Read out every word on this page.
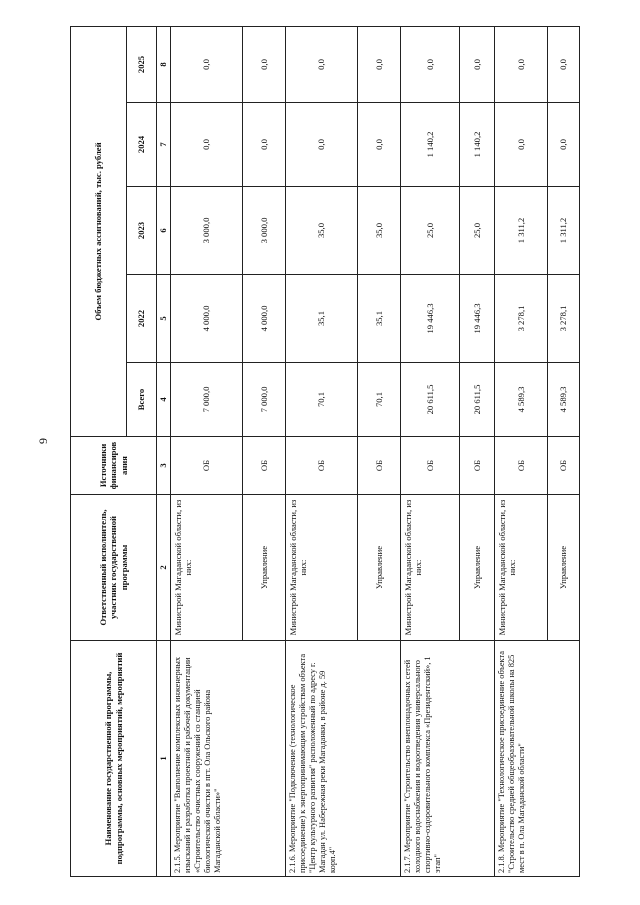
9
Наименование государственной программы, подпрограммы, основных мероприятий, мероприятий	Ответственный исполнитель, участник государственной программы	Источники финансирования	Объем бюджетных ассигнований, тыс. рублей				
			Всего	2022	2023	2024	2025
1	2	3	4	5	6	7	8
2.1.5. Мероприятие "Выполнение комплексных инженерных изысканий и разработка проектной и рабочей документации «Строительство очистных сооружений со станцией биологической очистки в пгт. Ола Ольского района Магаданской области»"	Министрой Магаданской области, из них:	ОБ	7 000,0	4 000,0	3 000,0	0,0	0,0
	Управление	ОБ	7 000,0	4 000,0	3 000,0	0,0	0,0
2.1.6. Мероприятие "Подключение (технологическое присоединение) к энергопринимающим устройствам объекта "Центр культурного развития" расположенный по адресу г. Магадан ул. Набережная реки Магаданки, в районе д. 59 корп.4"	Министрой Магаданской области, из них:	ОБ	70,1	35,1	35,0	0,0	0,0
	Управление	ОБ	70,1	35,1	35,0	0,0	0,0
2.1.7. Мероприятие "Строительство внеплощадочных сетей холодного водоснабжения и водоотведения универсального спортивно-оздоровительного комплекса «Президентский», 1 этап"	Министрой Магаданской области, из них:	ОБ	20 611,5	19 446,3	25,0	1 140,2	0,0
	Управление	ОБ	20 611,5	19 446,3	25,0	1 140,2	0,0
2.1.8. Мероприятие "Технологическое присоединение объекта "Строительство средней общеобразовательной школы на 825 мест в п. Ола Магаданской области"	Министрой Магаданской области, из них:	ОБ	4 589,3	3 278,1	1 311,2	0,0	0,0
	Управление	ОБ	4 589,3	3 278,1	1 311,2	0,0	0,0
